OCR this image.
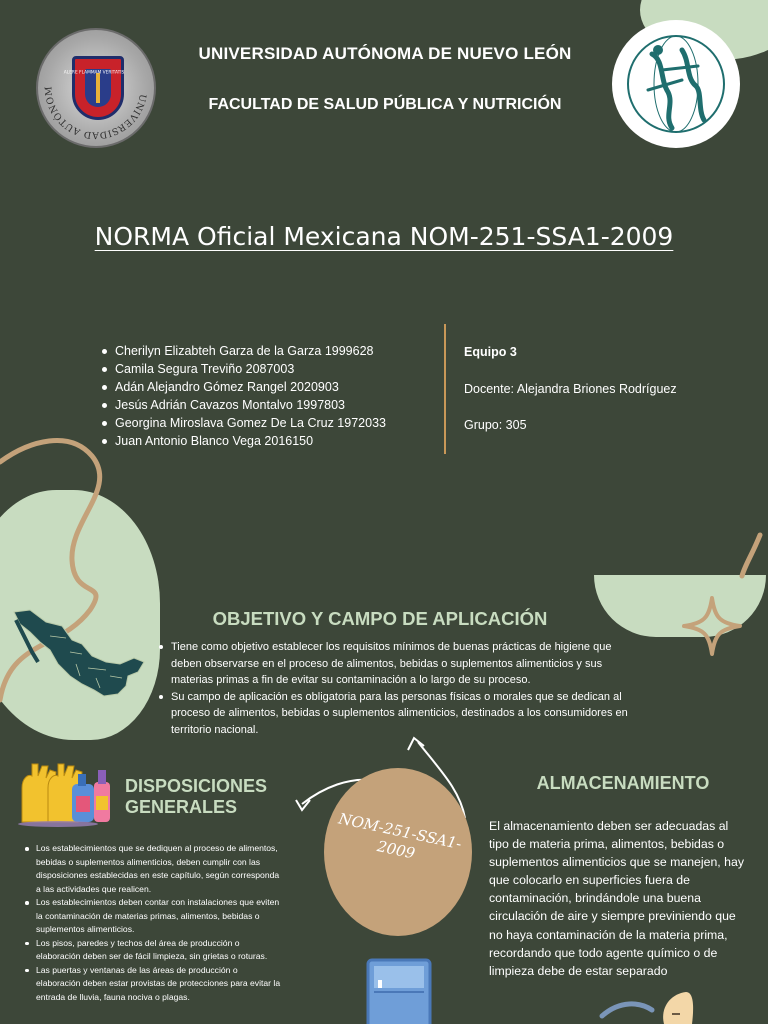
UNIVERSIDAD AUTÓNOMA DE NUEVO LEÓN
ALERE FLAMMAM VERITATIS
UNIVERSIDAD AUTÓNOMA DE NUEVO LEÓN
FACULTAD DE SALUD PÚBLICA Y NUTRICIÓN
NORMA Oficial Mexicana NOM-251-SSA1-2009
Cherilyn Elizabteh Garza de la Garza 1999628
Camila Segura Treviño 2087003
Adán Alejandro Gómez Rangel 2020903
Jesús Adrián Cavazos Montalvo 1997803
Georgina Miroslava Gomez De La Cruz 1972033
Juan Antonio Blanco Vega 2016150
Equipo 3
Docente: Alejandra Briones Rodríguez
Grupo: 305
OBJETIVO Y CAMPO DE APLICACIÓN
Tiene como objetivo establecer los requisitos mínimos de buenas prácticas de higiene que deben observarse en el proceso de alimentos, bebidas o suplementos alimenticios y sus materias primas a fin de evitar su contaminación a lo largo de su proceso.
Su campo de aplicación es obligatoria para las personas físicas o morales que se dedican al proceso de alimentos, bebidas o suplementos alimenticios, destinados a los consumidores en territorio nacional.
DISPOSICIONES GENERALES
Los establecimientos que se dediquen al proceso de alimentos, bebidas o suplementos alimenticios, deben cumplir con las disposiciones establecidas en este capítulo, según corresponda a las actividades que realicen.
Los establecimientos deben contar con instalaciones que eviten la contaminación de materias primas, alimentos, bebidas o suplementos alimenticios.
Los pisos, paredes y techos del área de producción o elaboración deben ser de fácil limpieza, sin grietas o roturas.
Las puertas y ventanas de las áreas de producción o elaboración deben estar provistas de protecciones para evitar la entrada de lluvia, fauna nociva o plagas.
NOM-251-SSA1-2009
ALMACENAMIENTO
El almacenamiento deben ser adecuadas al tipo de materia prima, alimentos, bebidas o suplementos alimenticios que se manejen, hay que colocarlo en superficies fuera de contaminación, brindándole una buena circulación de aire y siempre previniendo que no haya contaminación de la materia prima, recordando que todo agente químico o de limpieza debe de estar separado
